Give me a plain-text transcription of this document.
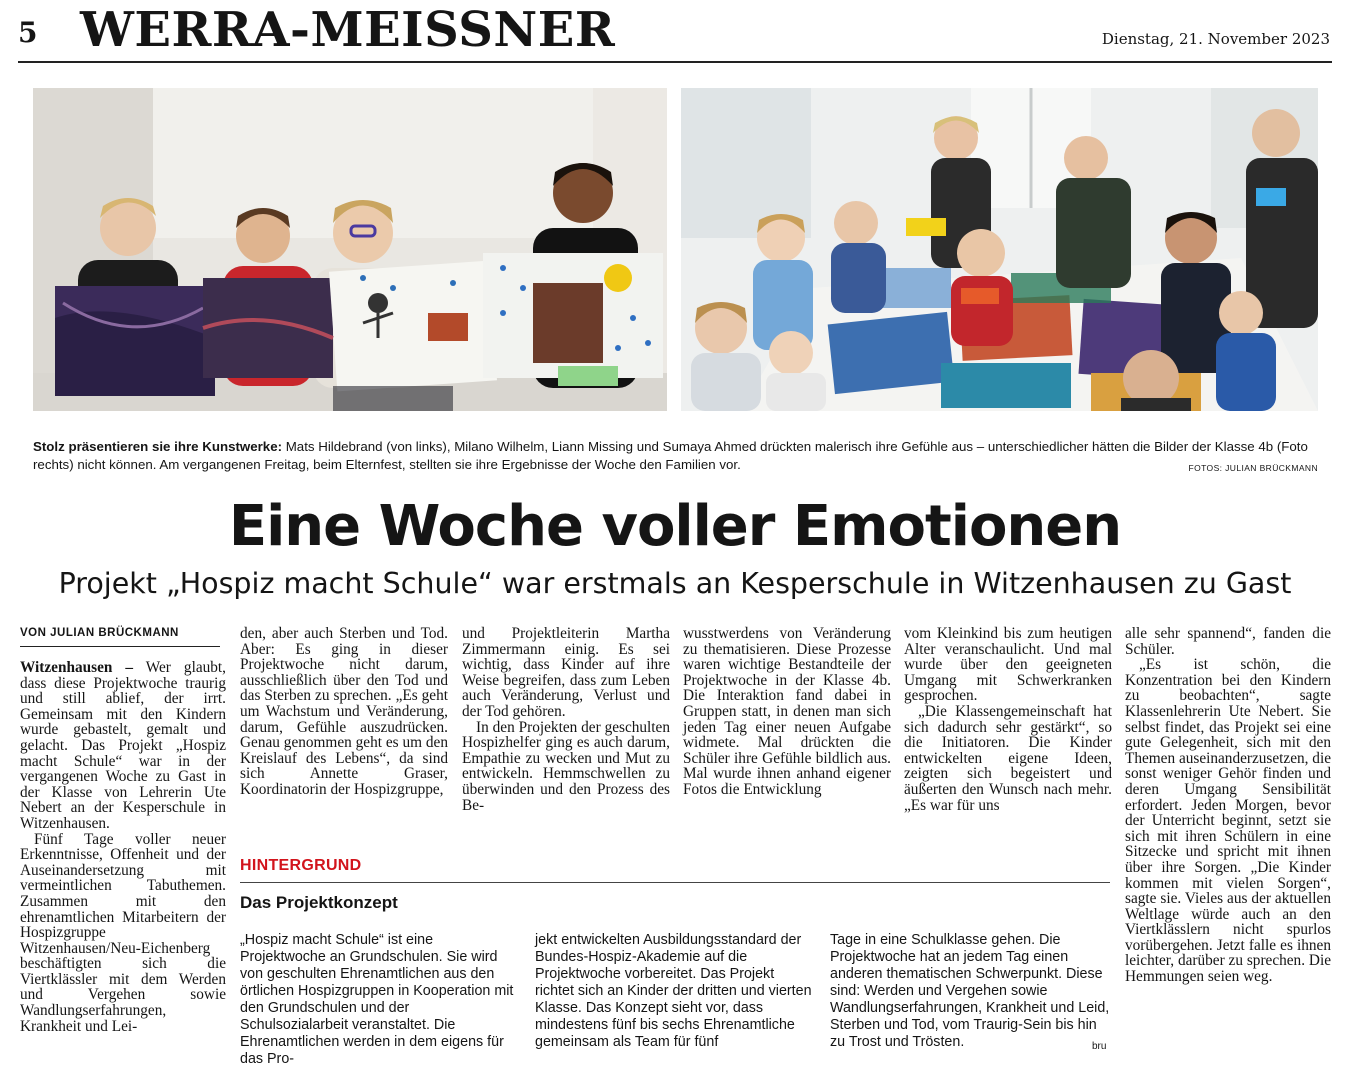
5 WERRA-MEISSNER	Dienstag, 21. November 2023
Stolz präsentieren sie ihre Kunstwerke: Mats Hildebrand (von links), Milano Wilhelm, Liann Missing und Sumaya Ahmed drückten malerisch ihre Gefühle aus – unterschiedlicher hätten die Bilder der Klasse 4b (Foto rechts) nicht können. Am vergangenen Freitag, beim Elternfest, stellten sie ihre Ergebnisse der Woche den Familien vor.	FOTOS: JULIAN BRÜCKMANN
Eine Woche voller Emotionen
Projekt „Hospiz macht Schule“ war erstmals an Kesperschule in Witzenhausen zu Gast
VON JULIAN BRÜCKMANN

Witzenhausen – Wer glaubt, dass diese Projektwoche traurig und still ablief, der irrt. Gemeinsam mit den Kindern wurde gebastelt, gemalt und gelacht. Das Projekt „Hospiz macht Schule“ war in der vergangenen Woche zu Gast in der Klasse von Lehrerin Ute Nebert an der Kesperschule in Witzenhausen.

Fünf Tage voller neuer Erkenntnisse, Offenheit und der Auseinandersetzung mit vermeintlichen Tabuthemen. Zusammen mit den ehrenamtlichen Mitarbeitern der Hospizgruppe Witzenhausen/Neu-Eichenberg beschäftigten sich die Viertklässler mit dem Werden und Vergehen sowie Wandlungserfahrungen, Krankheit und Lei-

den, aber auch Sterben und Tod. Aber: Es ging in dieser Projektwoche nicht darum, ausschließlich über den Tod und das Sterben zu sprechen. „Es geht um Wachstum und Veränderung, darum, Gefühle auszudrücken. Genau genommen geht es um den Kreislauf des Lebens“, da sind sich Annette Graser, Koordinatorin der Hospizgruppe,

und Projektleiterin Martha Zimmermann einig. Es sei wichtig, dass Kinder auf ihre Weise begreifen, dass zum Leben auch Veränderung, Verlust und der Tod gehören.

In den Projekten der geschulten Hospizhelfer ging es auch darum, Empathie zu wecken und Mut zu entwickeln. Hemmschwellen zu überwinden und den Prozess des Be-

wusstwerdens von Veränderung zu thematisieren. Diese Prozesse waren wichtige Bestandteile der Projektwoche in der Klasse 4b. Die Interaktion fand dabei in Gruppen statt, in denen man sich jeden Tag einer neuen Aufgabe widmete. Mal drückten die Schüler ihre Gefühle bildlich aus. Mal wurde ihnen anhand eigener Fotos die Entwicklung

vom Kleinkind bis zum heutigen Alter veranschaulicht. Und mal wurde über den geeigneten Umgang mit Schwerkranken gesprochen.

„Die Klassengemeinschaft hat sich dadurch sehr gestärkt“, so die Initiatoren. Die Kinder entwickelten eigene Ideen, zeigten sich begeistert und äußerten den Wunsch nach mehr. „Es war für uns

alle sehr spannend“, fanden die Schüler.

„Es ist schön, die Konzentration bei den Kindern zu beobachten“, sagte Klassenlehrerin Ute Nebert. Sie selbst findet, das Projekt sei eine gute Gelegenheit, sich mit den Themen auseinanderzusetzen, die sonst weniger Gehör finden und deren Umgang Sensibilität erfordert. Jeden Morgen, bevor der Unterricht beginnt, setzt sie sich mit ihren Schülern in eine Sitzecke und spricht mit ihnen über ihre Sorgen. „Die Kinder kommen mit vielen Sorgen“, sagte sie. Vieles aus der aktuellen Weltlage würde auch an den Viertklässlern nicht spurlos vorübergehen. Jetzt falle es ihnen leichter, darüber zu sprechen. Die Hemmungen seien weg.

HINTERGRUND
Das Projektkonzept
„Hospiz macht Schule“ ist eine Projektwoche an Grundschulen. Sie wird von geschulten Ehrenamtlichen aus den örtlichen Hospizgruppen in Kooperation mit den Grundschulen und der Schulsozialarbeit veranstaltet. Die Ehrenamtlichen werden in dem eigens für das Pro-
jekt entwickelten Ausbildungsstandard der Bundes-Hospiz-Akademie auf die Projektwoche vorbereitet. Das Projekt richtet sich an Kinder der dritten und vierten Klasse. Das Konzept sieht vor, dass mindestens fünf bis sechs Ehrenamtliche gemeinsam als Team für fünf
Tage in eine Schulklasse gehen. Die Projektwoche hat an jedem Tag einen anderen thematischen Schwerpunkt. Diese sind: Werden und Vergehen sowie Wandlungserfahrungen, Krankheit und Leid, Sterben und Tod, vom Traurig-Sein bis hin zu Trost und Trösten.	bru
